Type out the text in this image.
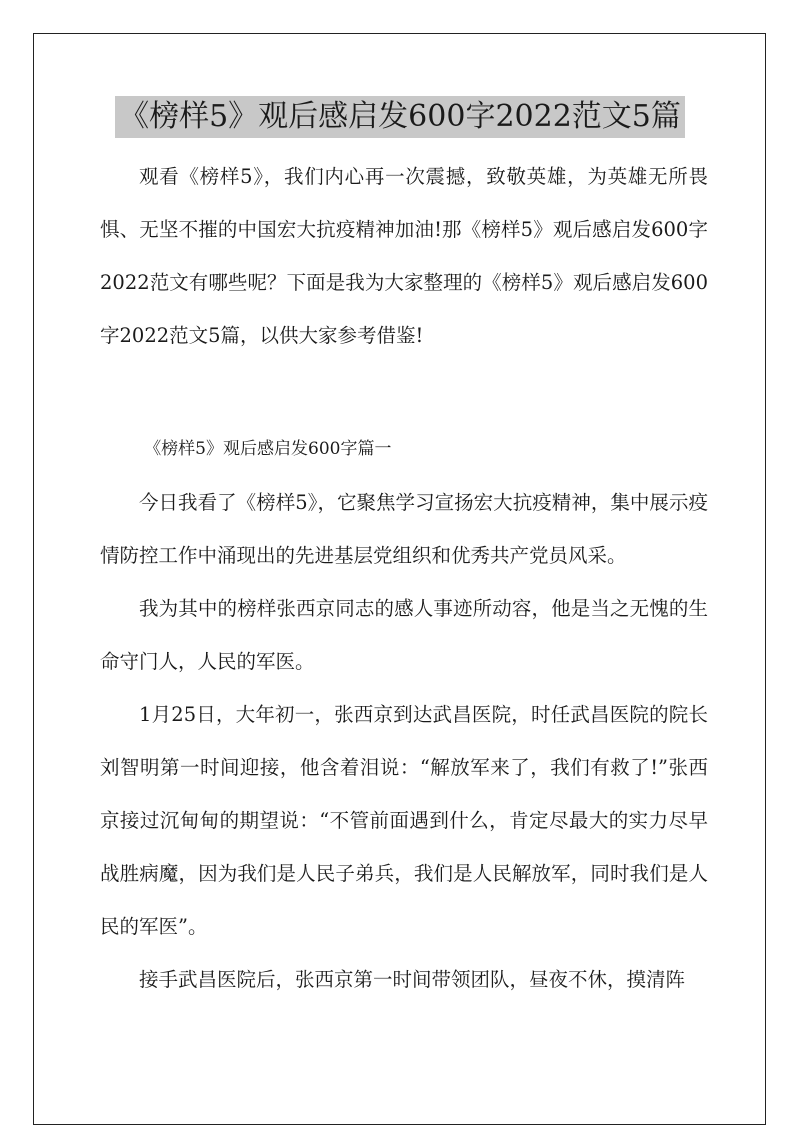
《榜样5》观后感启发600字2022范文5篇

观看《榜样5》，我们内心再一次震撼，致敬英雄，为英雄无所畏惧、无坚不摧的中国宏大抗疫精神加油!那《榜样5》观后感启发600字2022范文有哪些呢？下面是我为大家整理的《榜样5》观后感启发600字2022范文5篇，以供大家参考借鉴!

《榜样5》观后感启发600字篇一

今日我看了《榜样5》，它聚焦学习宣扬宏大抗疫精神，集中展示疫情防控工作中涌现出的先进基层党组织和优秀共产党员风采。

我为其中的榜样张西京同志的感人事迹所动容，他是当之无愧的生命守门人，人民的军医。

1月25日，大年初一，张西京到达武昌医院，时任武昌医院的院长刘智明第一时间迎接，他含着泪说：“解放军来了，我们有救了!”张西京接过沉甸甸的期望说：“不管前面遇到什么，肯定尽最大的实力尽早战胜病魔，因为我们是人民子弟兵，我们是人民解放军，同时我们是人民的军医”。

接手武昌医院后，张西京第一时间带领团队，昼夜不休，摸清阵
